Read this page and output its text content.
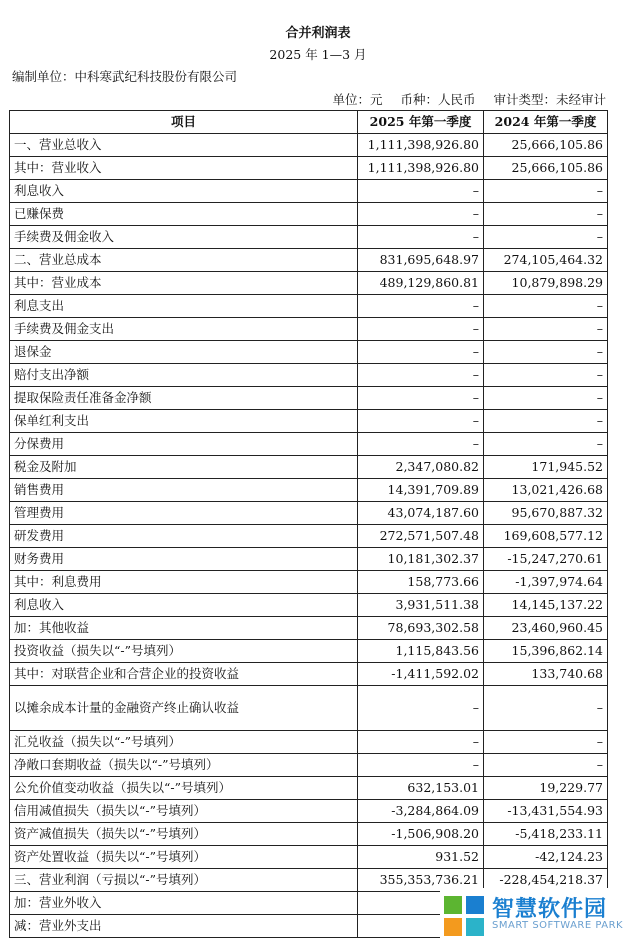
合并利润表
2025 年 1—3 月
编制单位：中科寒武纪科技股份有限公司
单位：元 币种：人民币 审计类型：未经审计
项目	2025 年第一季度	2024 年第一季度
一、营业总收入	1,111,398,926.80	25,666,105.86
其中：营业收入	1,111,398,926.80	25,666,105.86
利息收入	–	–
已赚保费	–	–
手续费及佣金收入	–	–
二、营业总成本	831,695,648.97	274,105,464.32
其中：营业成本	489,129,860.81	10,879,898.29
利息支出	–	–
手续费及佣金支出	–	–
退保金	–	–
赔付支出净额	–	–
提取保险责任准备金净额	–	–
保单红利支出	–	–
分保费用	–	–
税金及附加	2,347,080.82	171,945.52
销售费用	14,391,709.89	13,021,426.68
管理费用	43,074,187.60	95,670,887.32
研发费用	272,571,507.48	169,608,577.12
财务费用	10,181,302.37	-15,247,270.61
其中：利息费用	158,773.66	-1,397,974.64
利息收入	3,931,511.38	14,145,137.22
加：其他收益	78,693,302.58	23,460,960.45
投资收益（损失以“-”号填列）	1,115,843.56	15,396,862.14
其中：对联营企业和合营企业的投资收益	-1,411,592.02	133,740.68
以摊余成本计量的金融资产终止确认收益	–	–
汇兑收益（损失以“-”号填列）	–	–
净敞口套期收益（损失以“-”号填列）	–	–
公允价值变动收益（损失以“-”号填列）	632,153.01	19,229.77
信用减值损失（损失以“-”号填列）	-3,284,864.09	-13,431,554.93
资产减值损失（损失以“-”号填列）	-1,506,908.20	-5,418,233.11
资产处置收益（损失以“-”号填列）	931.52	-42,124.23
三、营业利润（亏损以“-”号填列）	355,353,736.21	-228,454,218.37
加：营业外收入		
减：营业外支出		
智慧软件园
SMART SOFTWARE PARK
